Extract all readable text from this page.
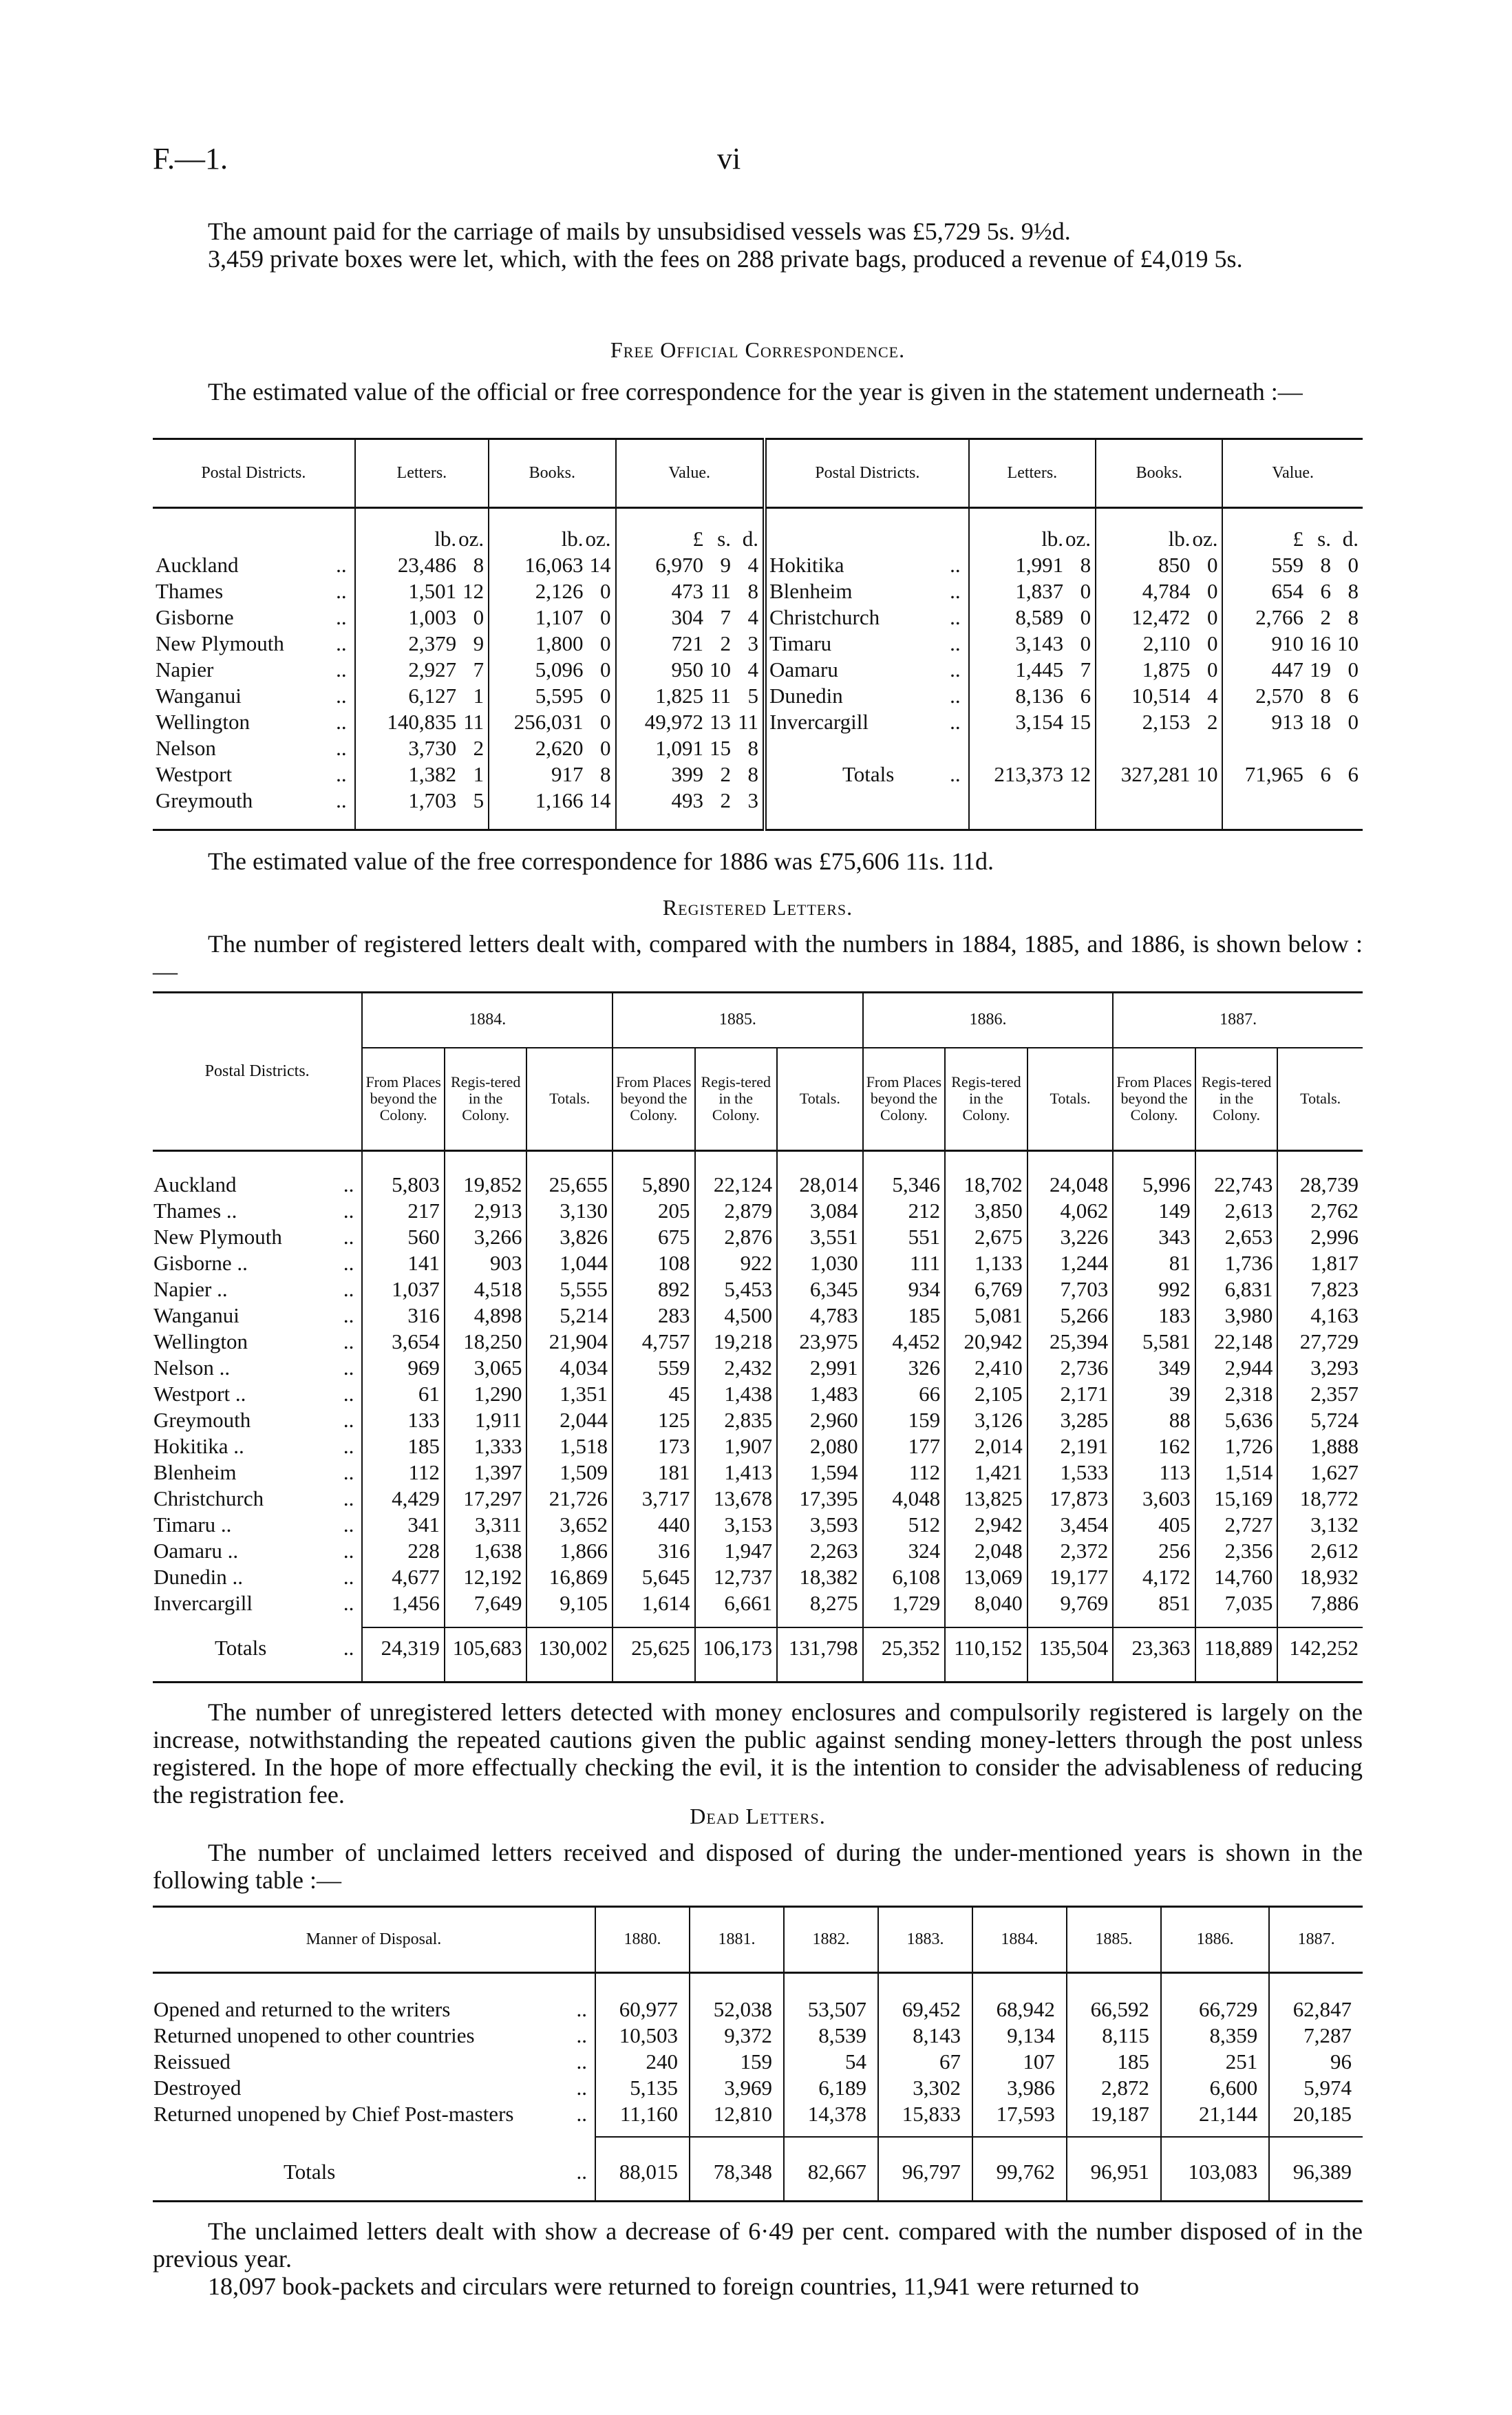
F.—1.	vi

The amount paid for the carriage of mails by unsubsidised vessels was £5,729 5s. 9½d.

3,459 private boxes were let, which, with the fees on 288 private bags, produced a revenue of £4,019 5s.

Free Official Correspondence.

The estimated value of the official or free correspondence for the year is given in the statement underneath :—

Postal Districts.	Letters.	Books.	Value.	Postal Districts.	Letters.	Books.	Value.
	lb.oz.	lb.oz.	£ s. d.		lb.oz.	lb.oz.	£ s. d.
Auckland ..	23,486 8	16,063 14	6,970 9 4	Hokitika ..	1,991 8	850 0	559 8 0
Thames ..	1,501 12	2,126 0	473 11 8	Blenheim ..	1,837 0	4,784 0	654 6 8
Gisborne ..	1,003 0	1,107 0	304 7 4	Christchurch ..	8,589 0	12,472 0	2,766 2 8
New Plymouth ..	2,379 9	1,800 0	721 2 3	Timaru ..	3,143 0	2,110 0	910 16 10
Napier ..	2,927 7	5,096 0	950 10 4	Oamaru ..	1,445 7	1,875 0	447 19 0
Wanganui ..	6,127 1	5,595 0	1,825 11 5	Dunedin ..	8,136 6	10,514 4	2,570 8 6
Wellington ..	140,835 11	256,031 0	49,972 13 11	Invercargill ..	3,154 15	2,153 2	913 18 0
Nelson ..	3,730 2	2,620 0	1,091 15 8				
Westport ..	1,382 1	917 8	399 2 8	Totals ..	213,373 12	327,281 10	71,965 6 6
Greymouth ..	1,703 5	1,166 14	493 2 3				

The estimated value of the free correspondence for 1886 was £75,606 11s. 11d.

Registered Letters.

The number of registered letters dealt with, compared with the numbers in 1884, 1885, and 1886, is shown below :—

Postal Districts.	1884.			1885.			1886.			1887.		
	From Places beyond the Colony.	Regis-tered in the Colony.	Totals.	From Places beyond the Colony.	Regis-tered in the Colony.	Totals.	From Places beyond the Colony.	Regis-tered in the Colony.	Totals.	From Places beyond the Colony.	Regis-tered in the Colony.	Totals.

Auckland ..	5,803	19,852	25,655	5,890	22,124	28,014	5,346	18,702	24,048	5,996	22,743	28,739
Thames .. ..	217	2,913	3,130	205	2,879	3,084	212	3,850	4,062	149	2,613	2,762
New Plymouth ..	560	3,266	3,826	675	2,876	3,551	551	2,675	3,226	343	2,653	2,996
Gisborne .. ..	141	903	1,044	108	922	1,030	111	1,133	1,244	81	1,736	1,817
Napier .. ..	1,037	4,518	5,555	892	5,453	6,345	934	6,769	7,703	992	6,831	7,823
Wanganui ..	316	4,898	5,214	283	4,500	4,783	185	5,081	5,266	183	3,980	4,163
Wellington ..	3,654	18,250	21,904	4,757	19,218	23,975	4,452	20,942	25,394	5,581	22,148	27,729
Nelson .. ..	969	3,065	4,034	559	2,432	2,991	326	2,410	2,736	349	2,944	3,293
Westport .. ..	61	1,290	1,351	45	1,438	1,483	66	2,105	2,171	39	2,318	2,357
Greymouth ..	133	1,911	2,044	125	2,835	2,960	159	3,126	3,285	88	5,636	5,724
Hokitika .. ..	185	1,333	1,518	173	1,907	2,080	177	2,014	2,191	162	1,726	1,888
Blenheim ..	112	1,397	1,509	181	1,413	1,594	112	1,421	1,533	113	1,514	1,627
Christchurch ..	4,429	17,297	21,726	3,717	13,678	17,395	4,048	13,825	17,873	3,603	15,169	18,772
Timaru .. ..	341	3,311	3,652	440	3,153	3,593	512	2,942	3,454	405	2,727	3,132
Oamaru .. ..	228	1,638	1,866	316	1,947	2,263	324	2,048	2,372	256	2,356	2,612
Dunedin .. ..	4,677	12,192	16,869	5,645	12,737	18,382	6,108	13,069	19,177	4,172	14,760	18,932
Invercargill ..	1,456	7,649	9,105	1,614	6,661	8,275	1,729	8,040	9,769	851	7,035	7,886

Totals ..	24,319	105,683	130,002	25,625	106,173	131,798	25,352	110,152	135,504	23,363	118,889	142,252

The number of unregistered letters detected with money enclosures and compulsorily registered is largely on the increase, notwithstanding the repeated cautions given the public against sending money-letters through the post unless registered. In the hope of more effectually checking the evil, it is the intention to consider the advisableness of reducing the registration fee.

Dead Letters.

The number of unclaimed letters received and disposed of during the under-mentioned years is shown in the following table :—

Manner of Disposal.	1880.	1881.	1882.	1883.	1884.	1885.	1886.	1887.

Opened and returned to the writers ..	60,977	52,038	53,507	69,452	68,942	66,592	66,729	62,847
Returned unopened to other countries ..	10,503	9,372	8,539	8,143	9,134	8,115	8,359	7,287
Reissued ..	240	159	54	67	107	185	251	96
Destroyed ..	5,135	3,969	6,189	3,302	3,986	2,872	6,600	5,974
Returned unopened by Chief Post-masters ..	11,160	12,810	14,378	15,833	17,593	19,187	21,144	20,185

Totals ..	88,015	78,348	82,667	96,797	99,762	96,951	103,083	96,389

The unclaimed letters dealt with show a decrease of 6·49 per cent. compared with the number disposed of in the previous year.

18,097 book-packets and circulars were returned to foreign countries, 11,941 were returned to
